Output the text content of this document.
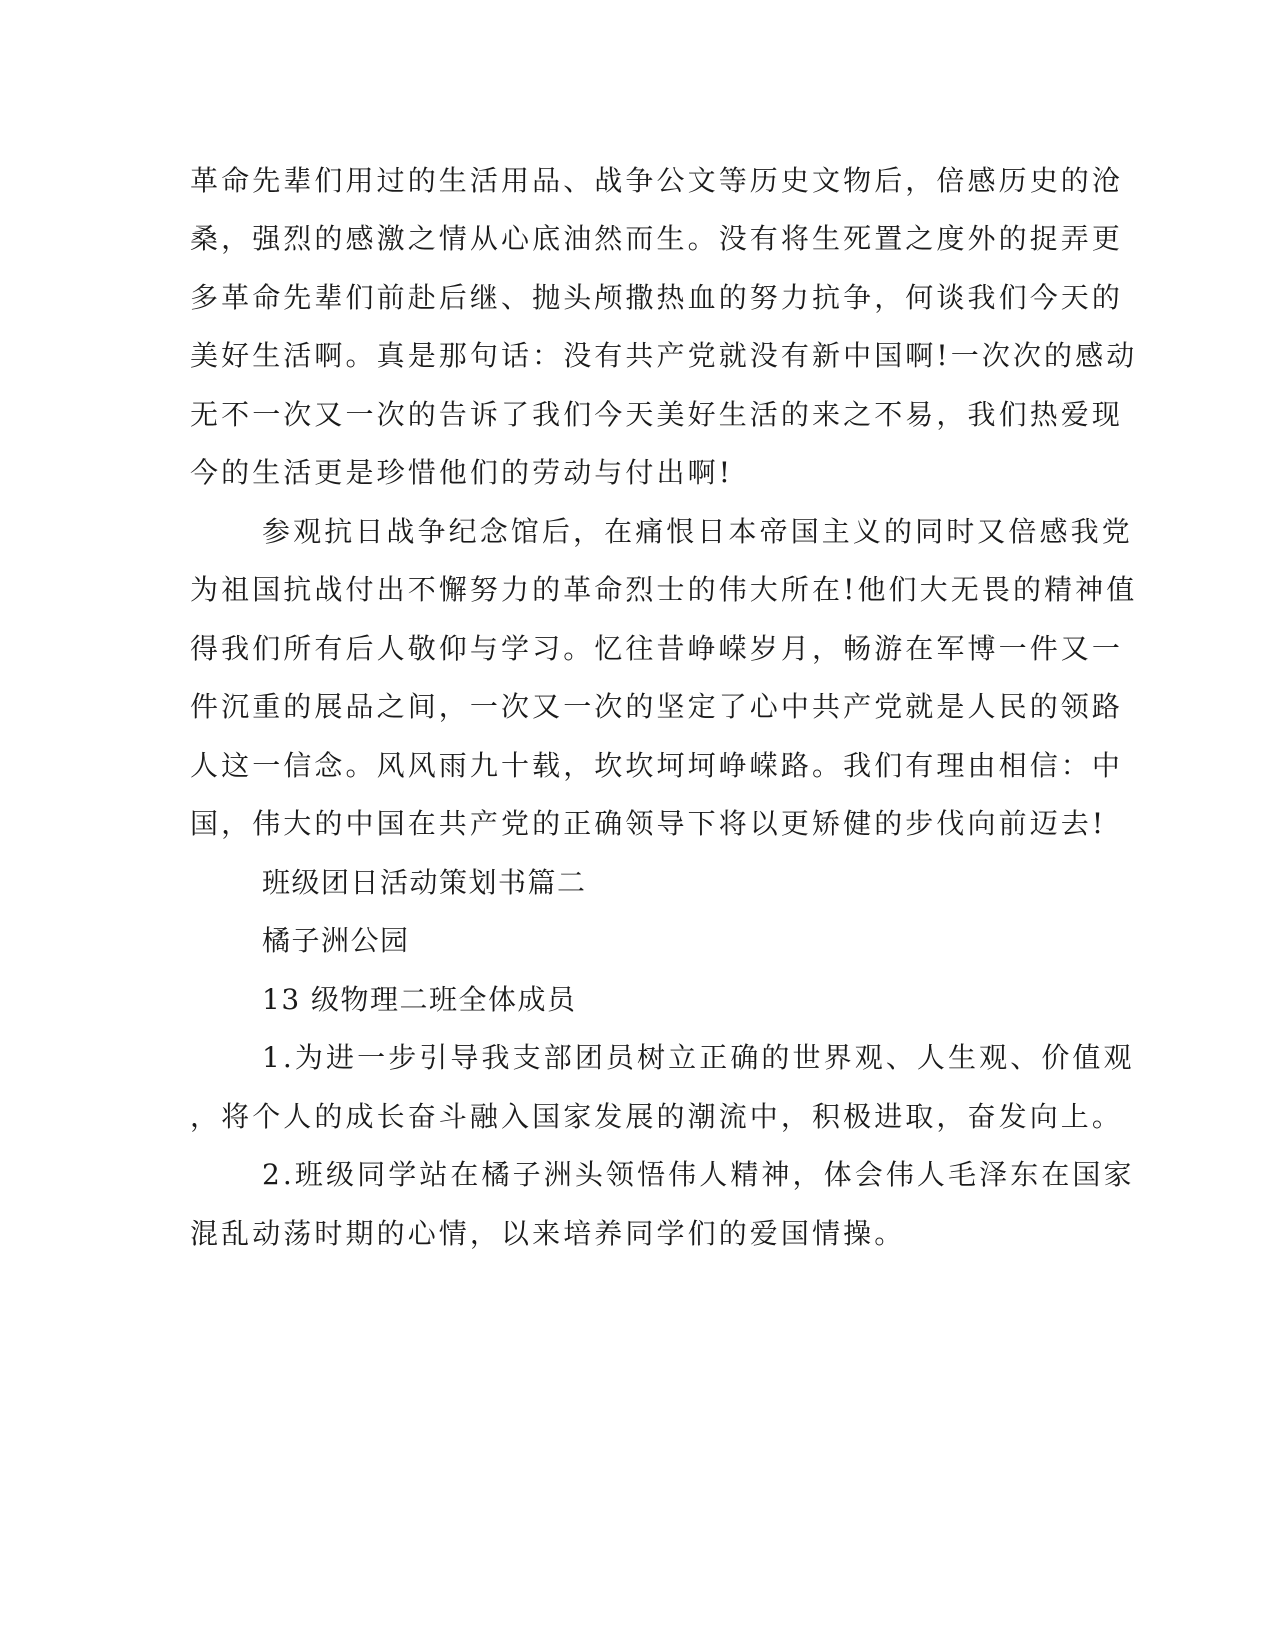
革命先辈们用过的生活用品、战争公文等历史文物后，倍感历史的沧
桑，强烈的感激之情从心底油然而生。没有将生死置之度外的捉弄更
多革命先辈们前赴后继、抛头颅撒热血的努力抗争，何谈我们今天的
美好生活啊。真是那句话：没有共产党就没有新中国啊!一次次的感动
无不一次又一次的告诉了我们今天美好生活的来之不易，我们热爱现
今的生活更是珍惜他们的劳动与付出啊!
参观抗日战争纪念馆后，在痛恨日本帝国主义的同时又倍感我党
为祖国抗战付出不懈努力的革命烈士的伟大所在!他们大无畏的精神值
得我们所有后人敬仰与学习。忆往昔峥嵘岁月，畅游在军博一件又一
件沉重的展品之间，一次又一次的坚定了心中共产党就是人民的领路
人这一信念。风风雨九十载，坎坎坷坷峥嵘路。我们有理由相信：中
国，伟大的中国在共产党的正确领导下将以更矫健的步伐向前迈去!
班级团日活动策划书篇二
橘子洲公园
13 级物理二班全体成员
1.为进一步引导我支部团员树立正确的世界观、人生观、价值观
，将个人的成长奋斗融入国家发展的潮流中，积极进取，奋发向上。
2.班级同学站在橘子洲头领悟伟人精神，体会伟人毛泽东在国家
混乱动荡时期的心情，以来培养同学们的爱国情操。
